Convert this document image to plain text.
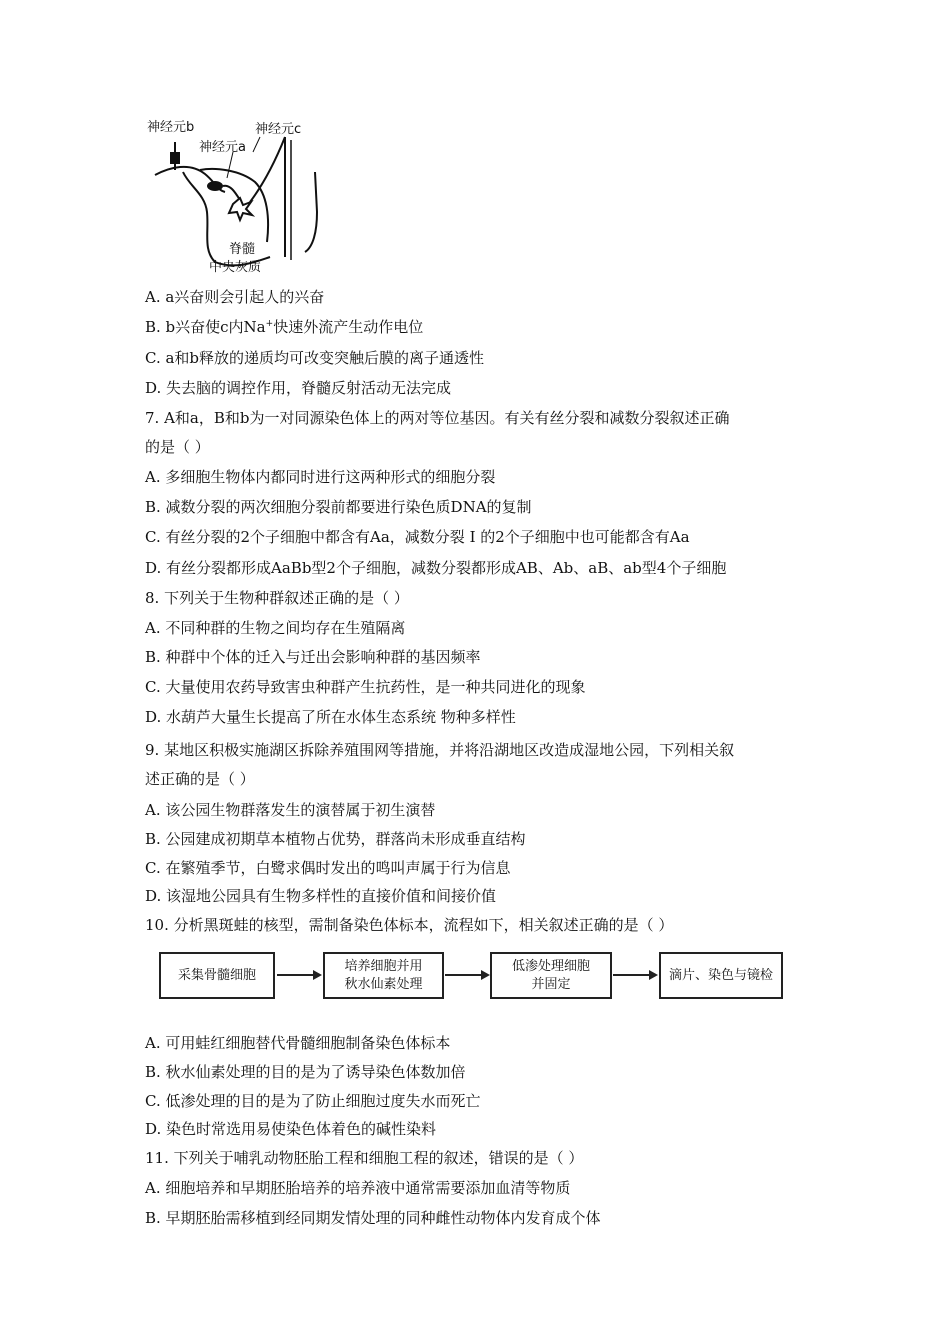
神经元b	神经元c
神经元a
脊髓
中央灰质
A. a兴奋则会引起人的兴奋
B. b兴奋使c内Na+快速外流产生动作电位
C. a和b释放的递质均可改变突触后膜的离子通透性
D. 失去脑的调控作用，脊髓反射活动无法完成
7. A和a，B和b为一对同源染色体上的两对等位基因。有关有丝分裂和减数分裂叙述正确
的是（ ）
A. 多细胞生物体内都同时进行这两种形式的细胞分裂
B. 减数分裂的两次细胞分裂前都要进行染色质DNA的复制
C. 有丝分裂的2个子细胞中都含有Aa，减数分裂 Ⅰ 的2个子细胞中也可能都含有Aa
D. 有丝分裂都形成AaBb型2个子细胞，减数分裂都形成AB、Ab、aB、ab型4个子细胞
8. 下列关于生物种群叙述正确的是（ ）
A. 不同种群的生物之间均存在生殖隔离
B. 种群中个体的迁入与迁出会影响种群的基因频率
C. 大量使用农药导致害虫种群产生抗药性，是一种共同进化的现象
D. 水葫芦大量生长提高了所在水体生态系统 物种多样性
9. 某地区积极实施湖区拆除养殖围网等措施，并将沿湖地区改造成湿地公园，下列相关叙
述正确的是（ ）
A. 该公园生物群落发生的演替属于初生演替
B. 公园建成初期草本植物占优势，群落尚未形成垂直结构
C. 在繁殖季节，白鹭求偶时发出的鸣叫声属于行为信息
D. 该湿地公园具有生物多样性的直接价值和间接价值
10. 分析黑斑蛙的核型，需制备染色体标本，流程如下，相关叙述正确的是（ ）
采集骨髓细胞
培养细胞并用
秋水仙素处理
低渗处理细胞
并固定
滴片、染色与镜检
A. 可用蛙红细胞替代骨髓细胞制备染色体标本
B. 秋水仙素处理的目的是为了诱导染色体数加倍
C. 低渗处理的目的是为了防止细胞过度失水而死亡
D. 染色时常选用易使染色体着色的碱性染料
11. 下列关于哺乳动物胚胎工程和细胞工程的叙述，错误的是（ ）
A. 细胞培养和早期胚胎培养的培养液中通常需要添加血清等物质
B. 早期胚胎需移植到经同期发情处理的同种雌性动物体内发育成个体
